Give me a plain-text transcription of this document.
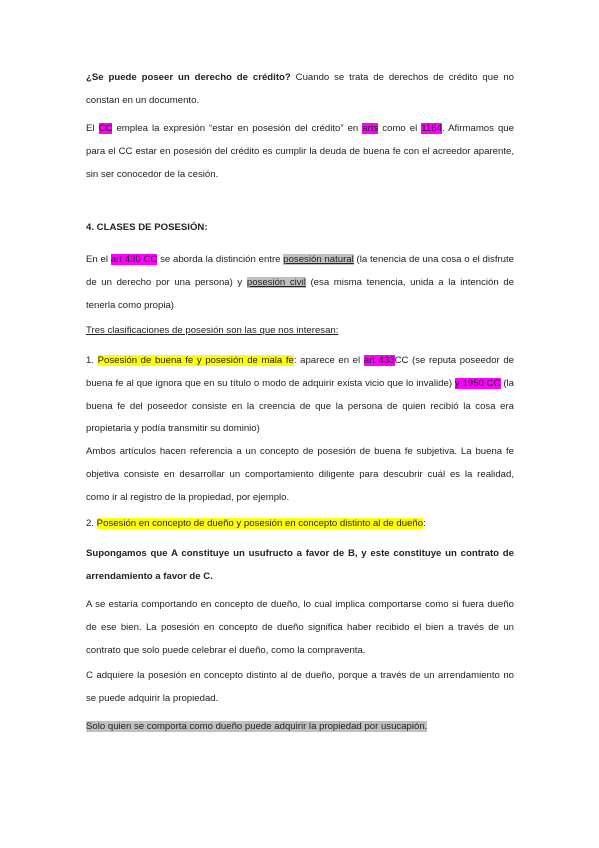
¿Se puede poseer un derecho de crédito? Cuando se trata de derechos de crédito que no constan en un documento.

El CC emplea la expresión “estar en posesión del crédito” en arts como el 1164. Afirmamos que para el CC estar en posesión del crédito es cumplir la deuda de buena fe con el acreedor aparente, sin ser conocedor de la cesión.

4. CLASES DE POSESIÓN:

En el art 430 CC se aborda la distinción entre posesión natural (la tenencia de una cosa o el disfrute de un derecho por una persona) y posesión civil (esa misma tenencia, unida a la intención de tenerla como propia)

Tres clasificaciones de posesión son las que nos interesan:

1. Posesión de buena fe y posesión de mala fe: aparece en el art 433CC (se reputa poseedor de buena fe al que ignora que en su título o modo de adquirir exista vicio que lo invalide) y 1950 CC (la buena fe del poseedor consiste en la creencia de que la persona de quien recibió la cosa era propietaria y podía transmitir su dominio)

Ambos artículos hacen referencia a un concepto de posesión de buena fe subjetiva. La buena fe objetiva consiste en desarrollar un comportamiento diligente para descubrir cuál es la realidad, como ir al registro de la propiedad, por ejemplo.

2. Posesión en concepto de dueño y posesión en concepto distinto al de dueño:

Supongamos que A constituye un usufructo a favor de B, y este constituye un contrato de arrendamiento a favor de C.

A se estaría comportando en concepto de dueño, lo cual implica comportarse como si fuera dueño de ese bien. La posesión en concepto de dueño significa haber recibido el bien a través de un contrato que solo puede celebrar el dueño, como la compraventa.

C adquiere la posesión en concepto distinto al de dueño, porque a través de un arrendamiento no se puede adquirir la propiedad.

Solo quien se comporta como dueño puede adquirir la propiedad por usucapión.
